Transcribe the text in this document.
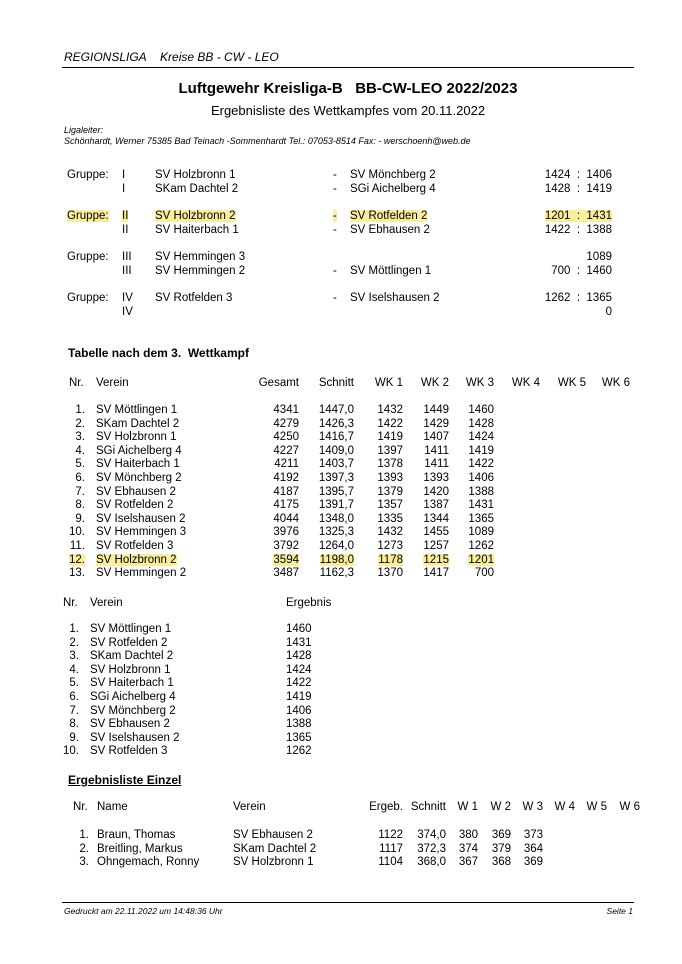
REGIONSLIGA Kreise BB - CW - LEO
Luftgewehr Kreisliga-B   BB-CW-LEO 2022/2023
Ergebnisliste des Wettkampfes vom 20.11.2022
Ligaleiter:
Schönhardt, Werner 75385 Bad Teinach -Sommenhardt Tel.: 07053-8514 Fax: - werschoenh@web.de
Gruppe: I	SV Holzbronn 1	- SV Mönchberg 2	1424  :  1406
I	SKam Dachtel 2	- SGi Aichelberg 4	1428  :  1419
Gruppe: II SV Holzbronn 2	- SV Rotfelden 2	1201  :  1431
II SV Haiterbach 1	- SV Ebhausen 2	1422  :  1388
Gruppe: III SV Hemmingen 3	1089
III SV Hemmingen 2	- SV Möttlingen 1	700  :  1460
Gruppe: IV SV Rotfelden 3	- SV Iselshausen 2	1262  :  1365
IV	0
Tabelle nach dem 3.  Wettkampf
Nr. Verein	Gesamt	Schnitt	WK 1	WK 2	WK 3	WK 4	WK 5	WK 6
1. SV Möttlingen 1	4341	1447,0	1432	1449	1460
2. SKam Dachtel 2	4279	1426,3	1422	1429	1428
3. SV Holzbronn 1	4250	1416,7	1419	1407	1424
4. SGi Aichelberg 4	4227	1409,0	1397	1411	1419
5. SV Haiterbach 1	4211	1403,7	1378	1411	1422
6. SV Mönchberg 2	4192	1397,3	1393	1393	1406
7. SV Ebhausen 2	4187	1395,7	1379	1420	1388
8. SV Rotfelden 2	4175	1391,7	1357	1387	1431
9. SV Iselshausen 2	4044	1348,0	1335	1344	1365
10. SV Hemmingen 3	3976	1325,3	1432	1455	1089
11. SV Rotfelden 3	3792	1264,0	1273	1257	1262
12. SV Holzbronn 2	3594	1198,0	1178	1215	1201
13. SV Hemmingen 2	3487	1162,3	1370	1417	700
Nr. Verein	Ergebnis
1. SV Möttlingen 1	1460
2. SV Rotfelden 2	1431
3. SKam Dachtel 2	1428
4. SV Holzbronn 1	1424
5. SV Haiterbach 1	1422
6. SGi Aichelberg 4	1419
7. SV Mönchberg 2	1406
8. SV Ebhausen 2	1388
9. SV Iselshausen 2	1365
10. SV Rotfelden 3	1262
Ergebnisliste Einzel
Nr. Name	Verein	Ergeb. Schnitt	W 1	W 2	W 3	W 4	W 5	W 6
1. Braun, Thomas	SV Ebhausen 2	1122	374,0	380	369	373
2. Breitling, Markus	SKam Dachtel 2	1117	372,3	374	379	364
3. Ohngemach, Ronny	SV Holzbronn 1	1104	368,0	367	368	369
Gedruckt am 22.11.2022 um 14:48:36 Uhr	Seite 1
